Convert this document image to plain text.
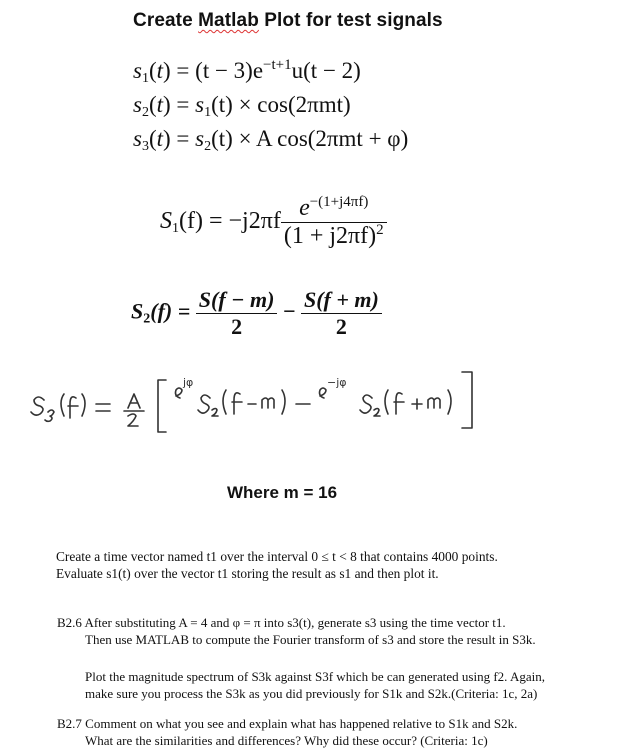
Create Matlab Plot for test signals
$s_1(t) = (t - 3)e^{-t+1}u(t - 2)$
$s_2(t) = s_1(t) \times \cos(2\pi mt)$
$s_3(t) = s_2(t) \times A$ cos(2πmt + φ)
$S_1(f) = -j2\pi f \frac{e^{-(1+j4\pi f)}}{(1 + j2\pi f)^2}$
$S_2(f) = \frac{S(f - m)}{2} - \frac{S(f + m)}{2}$
jφ	−jφ
S₃(f) = (A/2) [ e^{jφ} S₂(f − m) − e^{−jφ} S₂(f + m) ]
Where m = 16
Create a time vector named t1 over the interval 0 ≤ t < 8 that contains 4000 points.
Evaluate s1(t) over the vector t1 storing the result as s1 and then plot it.
B2.6 After substituting A = 4 and φ = π into s3(t), generate s3 using the time vector t1.
Then use MATLAB to compute the Fourier transform of s3 and store the result in S3k.
Plot the magnitude spectrum of S3k against S3f which be can generated using f2. Again,
make sure you process the S3k as you did previously for S1k and S2k.(Criteria: 1c, 2a)
B2.7 Comment on what you see and explain what has happened relative to S1k and S2k.
What are the similarities and differences? Why did these occur? (Criteria: 1c)
